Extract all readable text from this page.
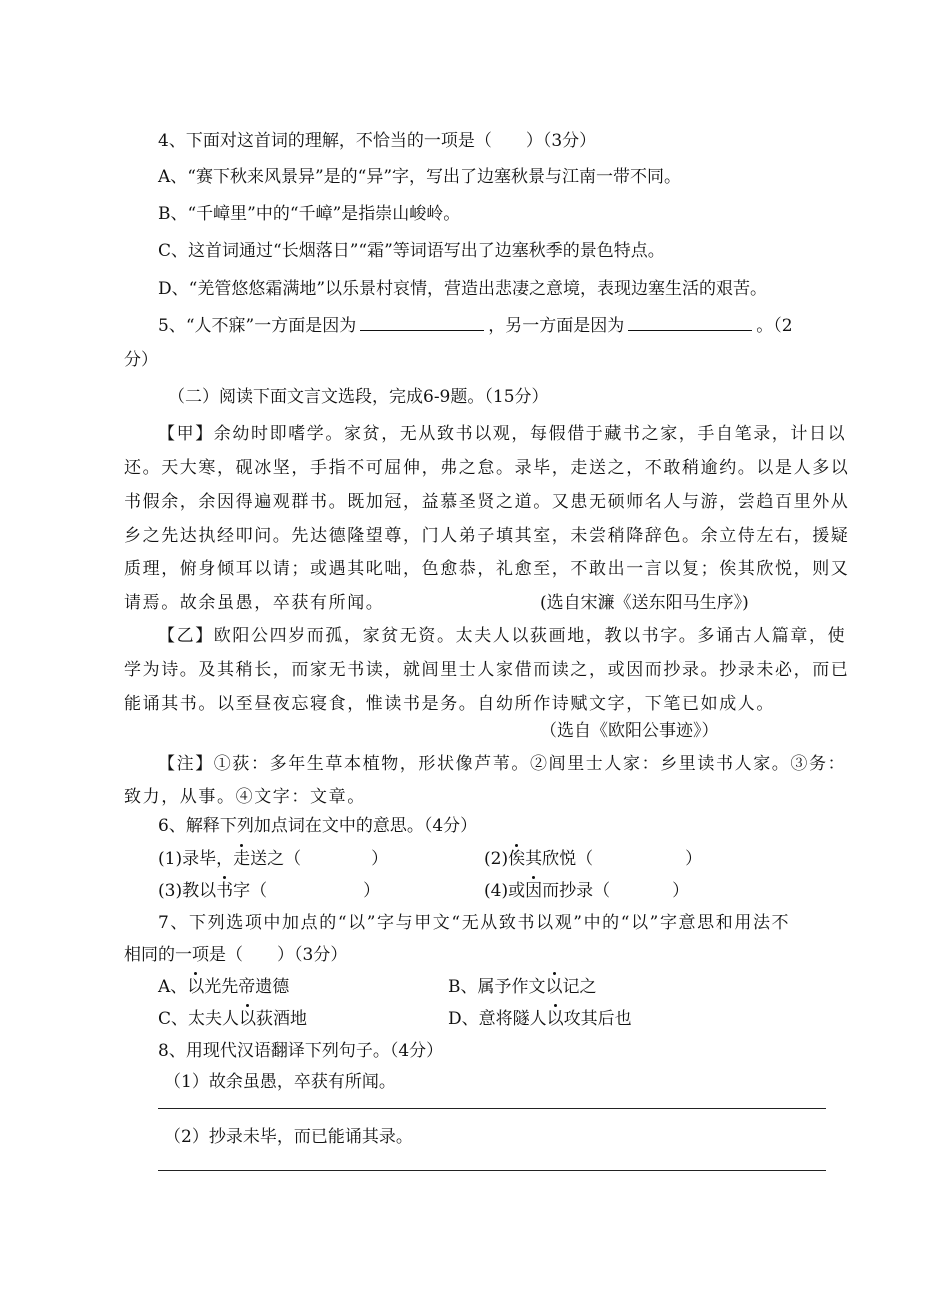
4、下面对这首词的理解，不恰当的一项是（　　）（3分）
A、“赛下秋来风景异”是的“异”字，写出了边塞秋景与江南一带不同。
B、“千嶂里”中的“千嶂”是指崇山峻岭。
C、这首词通过“长烟落日”“霜”等词语写出了边塞秋季的景色特点。
D、“羌管悠悠霜满地”以乐景村哀情，营造出悲凄之意境，表现边塞生活的艰苦。
5、“人不寐”一方面是因为	，另一方面是因为	。（2
分）
（二）阅读下面文言文选段，完成6-9题。（15分）
【甲】余幼时即嗜学。家贫，无从致书以观，每假借于藏书之家，手自笔录，计日以
还。天大寒，砚冰坚，手指不可屈伸，弗之怠。录毕，走送之，不敢稍逾约。以是人多以
书假余，余因得遍观群书。既加冠，益慕圣贤之道。又患无硕师名人与游，尝趋百里外从
乡之先达执经叩问。先达德隆望尊，门人弟子填其室，未尝稍降辞色。余立侍左右，援疑
质理，俯身倾耳以请；或遇其叱咄，色愈恭，礼愈至，不敢出一言以复；俟其欣悦，则又
请焉。故余虽愚，卒获有所闻。	(选自宋濂《送东阳马生序》)
【乙】欧阳公四岁而孤，家贫无资。太夫人以荻画地，教以书字。多诵古人篇章，使
学为诗。及其稍长，而家无书读，就闾里士人家借而读之，或因而抄录。抄录未必，而已
能诵其书。以至昼夜忘寝食，惟读书是务。自幼所作诗赋文字，下笔已如成人。
（选自《欧阳公事迹》）
【注】①荻：多年生草本植物，形状像芦苇。②闾里士人家：乡里读书人家。③务：
致力，从事。④文字：文章。
6、解释下列加点词在文中的意思。（4分）
(1)录毕，走送之（	）	(2)俟其欣悦（	）
(3)教以书字（	）	(4)或因而抄录（	）
7、下列选项中加点的“以”字与甲文“无从致书以观”中的“以”字意思和用法不
相同的一项是（　　）（3分）
A、以光先帝遗德	B、属予作文以记之
C、太夫人以荻酒地	D、意将隧人以攻其后也
8、用现代汉语翻译下列句子。（4分）
（1）故余虽愚，卒获有所闻。
（2）抄录未毕，而已能诵其录。
